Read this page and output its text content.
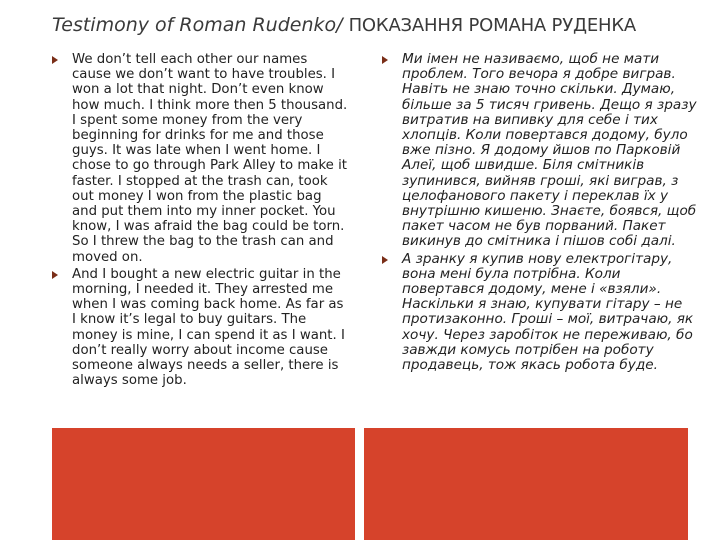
Testimony of Roman Rudenko/ ПОКАЗАННЯ РОМАНА РУДЕНКА

We don’t tell each other our names cause we don’t want to have troubles. I won a lot that night. Don’t even know how much. I think more then 5 thousand. I spent some money from the very beginning for drinks for me and those guys. It was late when I went home. I chose to go through Park Alley to make it faster. I stopped at the trash can, took out money I won from the plastic bag and put them into my inner pocket. You know, I was afraid the bag could be torn. So I threw the bag to the trash can and moved on.

And I bought a new electric guitar in the morning, I needed it. They arrested me when I was coming back home. As far as I know it’s legal to buy guitars. The money is mine, I can spend it as I want. I don’t really worry about income cause someone always needs a seller, there is always some job.

Ми імен не називаємо, щоб не мати проблем. Того вечора я добре виграв. Навіть не знаю точно скільки. Думаю, більше за 5 тисяч гривень. Дещо я зразу витратив на випивку для себе і тих хлопців. Коли повертався додому, було вже пізно. Я додому йшов по Парковій Алеї, щоб швидше. Біля смітників зупинився, вийняв гроші, які виграв, з целофанового пакету і переклав їх у внутрішню кишеню. Знаєте, боявся, щоб пакет часом не був порваний. Пакет викинув до смітника і пішов собі далі.

А зранку я купив нову електрогітару, вона мені була потрібна. Коли повертався додому, мене і «взяли». Наскільки я знаю, купувати гітару – не протизаконно. Гроші – мої, витрачаю, як хочу. Через заробіток не переживаю, бо завжди комусь потрібен на роботу продавець, тож якась робота буде.
